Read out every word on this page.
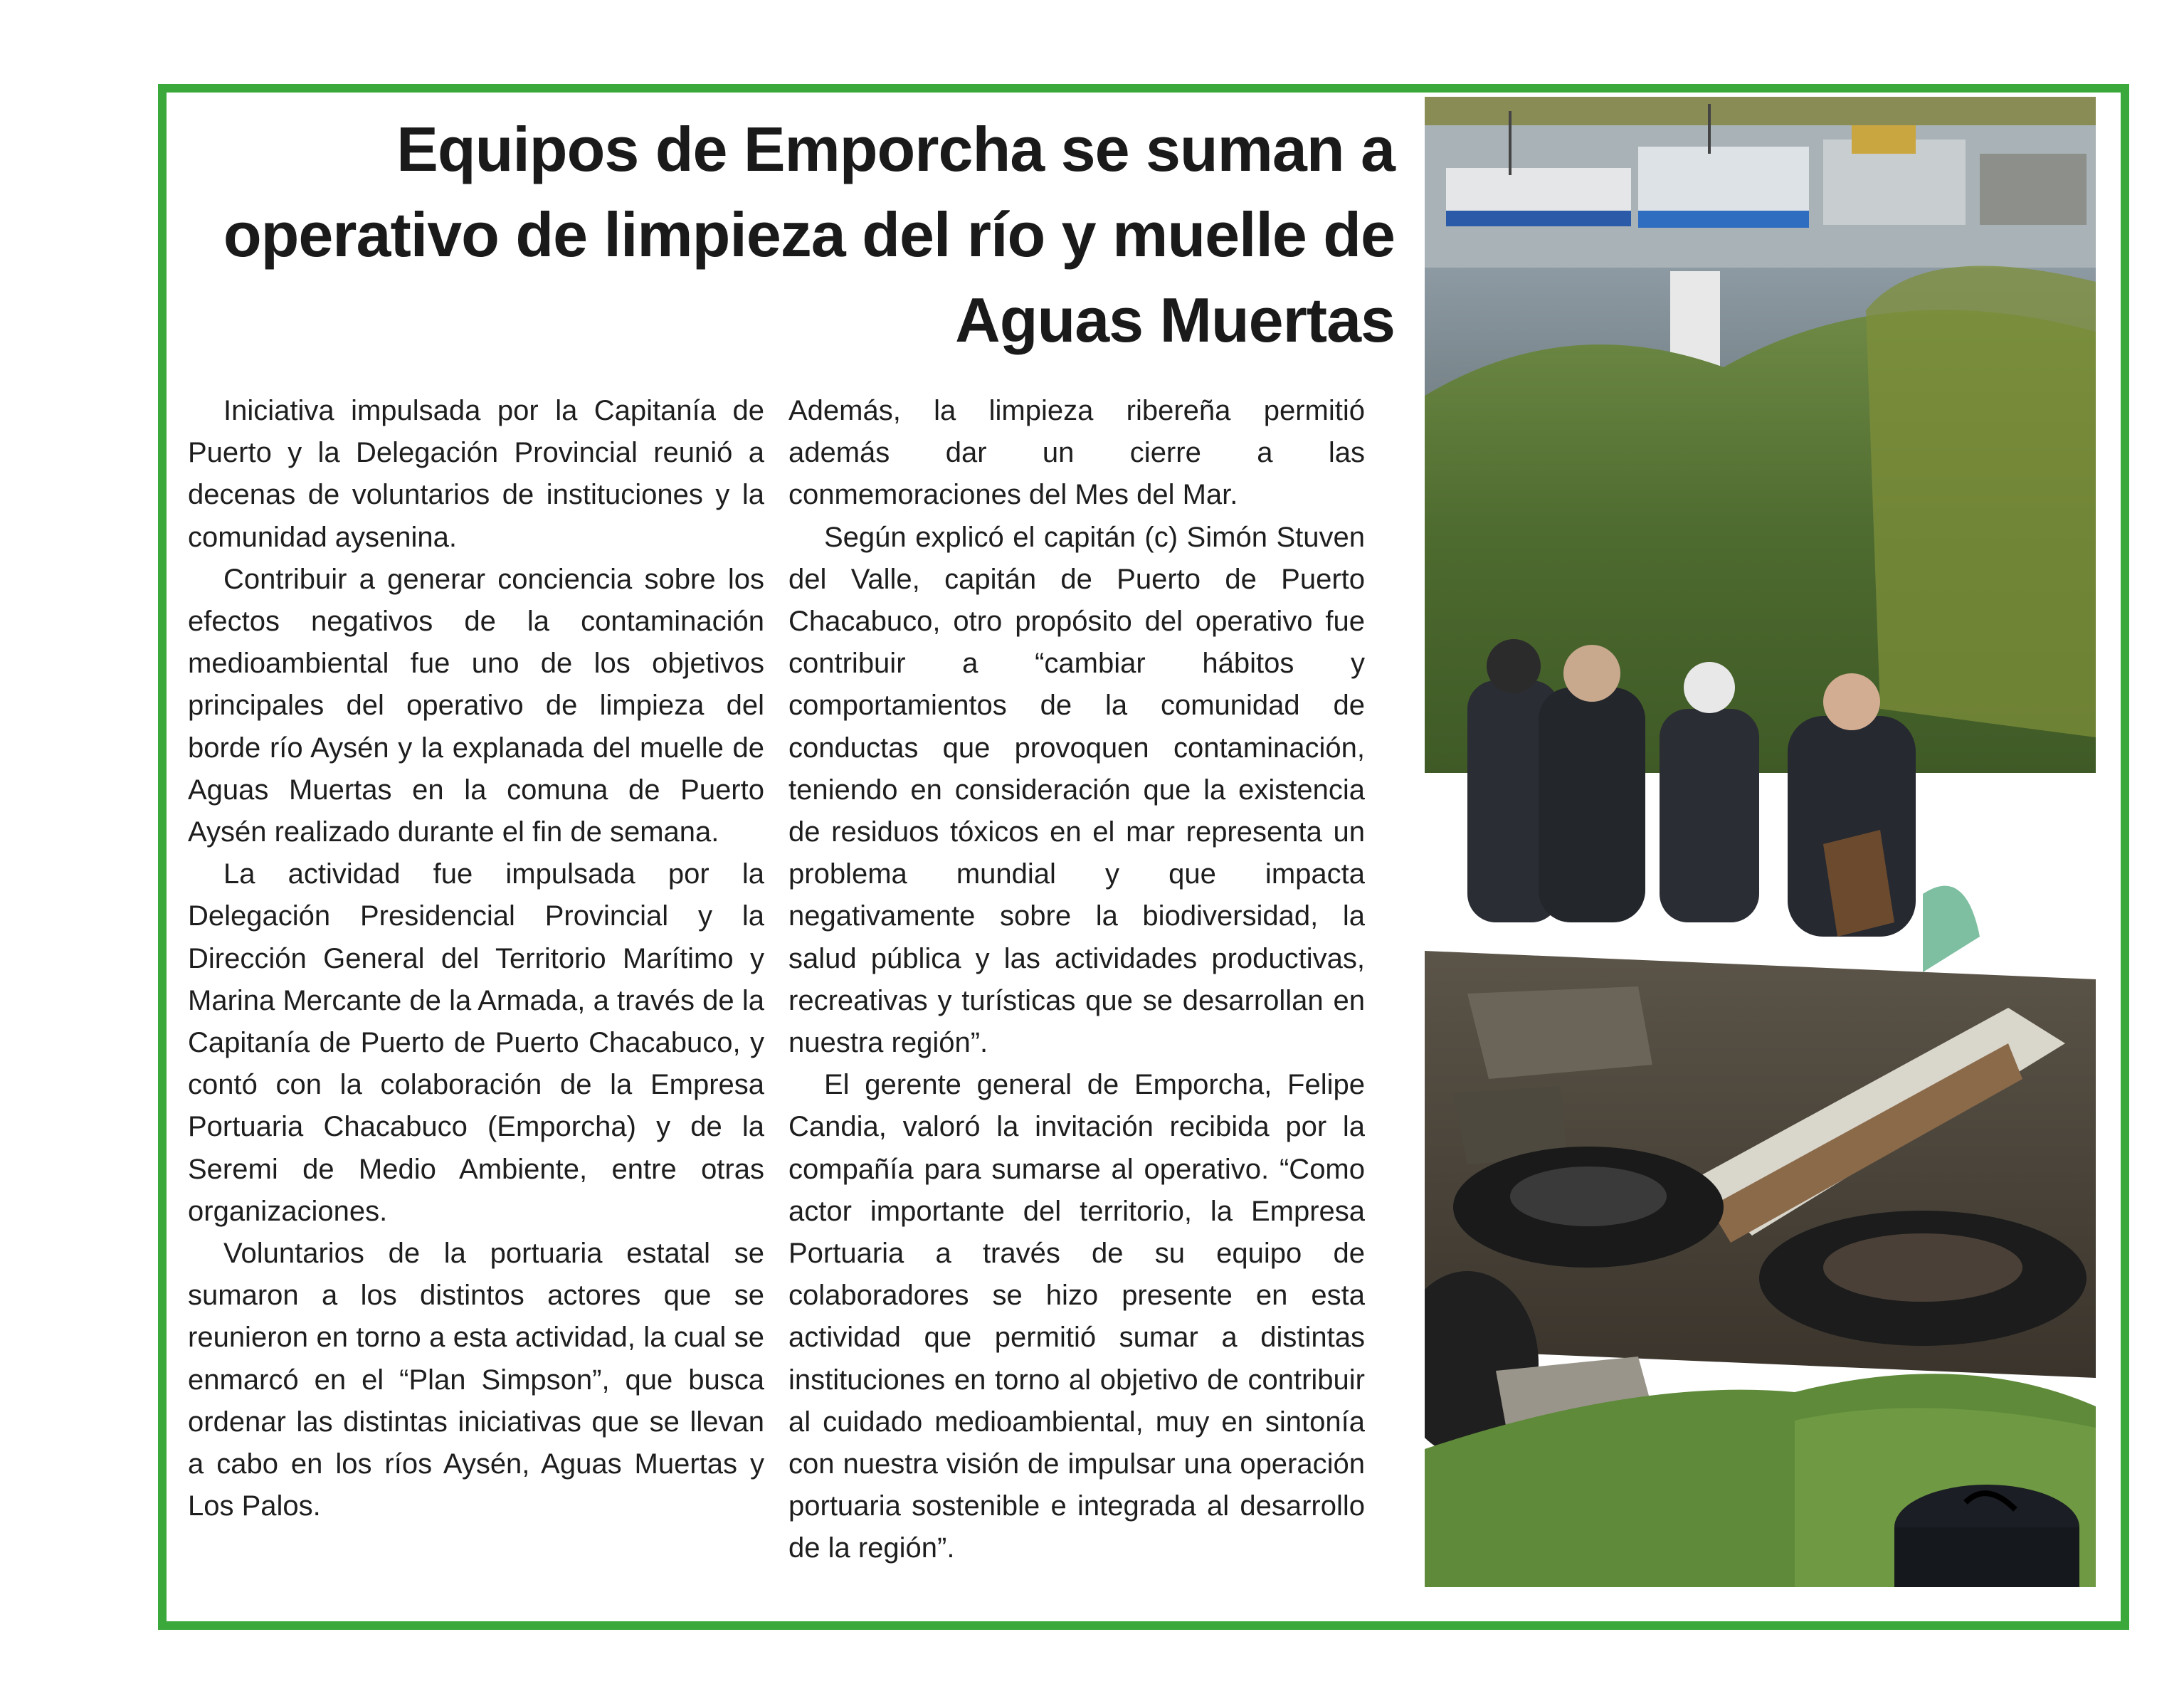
Equipos de Emporcha se suman a operativo de limpieza del río y muelle de Aguas Muertas

Iniciativa impulsada por la Capitanía de Puerto y la Delegación Provincial reunió a decenas de voluntarios de instituciones y la comunidad aysenina.

Contribuir a generar conciencia sobre los efectos negativos de la contaminación medioambiental fue uno de los objetivos principales del operativo de limpieza del borde río Aysén y la explanada del muelle de Aguas Muertas en la comuna de Puerto Aysén realizado durante el fin de semana.

La actividad fue impulsada por la Delegación Presidencial Provincial y la Dirección General del Territorio Marítimo y Marina Mercante de la Armada, a través de la Capitanía de Puerto de Puerto Chacabuco, y contó con la colaboración de la Empresa Portuaria Chacabuco (Emporcha) y de la Seremi de Medio Ambiente, entre otras organizaciones.

Voluntarios de la portuaria estatal se sumaron a los distintos actores que se reunieron en torno a esta actividad, la cual se enmarcó en el “Plan Simpson”, que busca ordenar las distintas iniciativas que se llevan a cabo en los ríos Aysén, Aguas Muertas y Los Palos.

Además, la limpieza ribereña permitió además dar un cierre a las conmemoraciones del Mes del Mar.

Según explicó el capitán (c) Simón Stuven del Valle, capitán de Puerto de Puerto Chacabuco, otro propósito del operativo fue contribuir a “cambiar hábitos y comportamientos de la comunidad de conductas que provoquen contaminación, teniendo en consideración que la existencia de residuos tóxicos en el mar representa un problema mundial y que impacta negativamente sobre la biodiversidad, la salud pública y las actividades productivas, recreativas y turísticas que se desarrollan en nuestra región”.

El gerente general de Emporcha, Felipe Candia, valoró la invitación recibida por la compañía para sumarse al operativo. “Como actor importante del territorio, la Empresa Portuaria a través de su equipo de colaboradores se hizo presente en esta actividad que permitió sumar a distintas instituciones en torno al objetivo de contribuir al cuidado medioambiental, muy en sintonía con nuestra visión de impulsar una operación portuaria sostenible e integrada al desarrollo de la región”.
